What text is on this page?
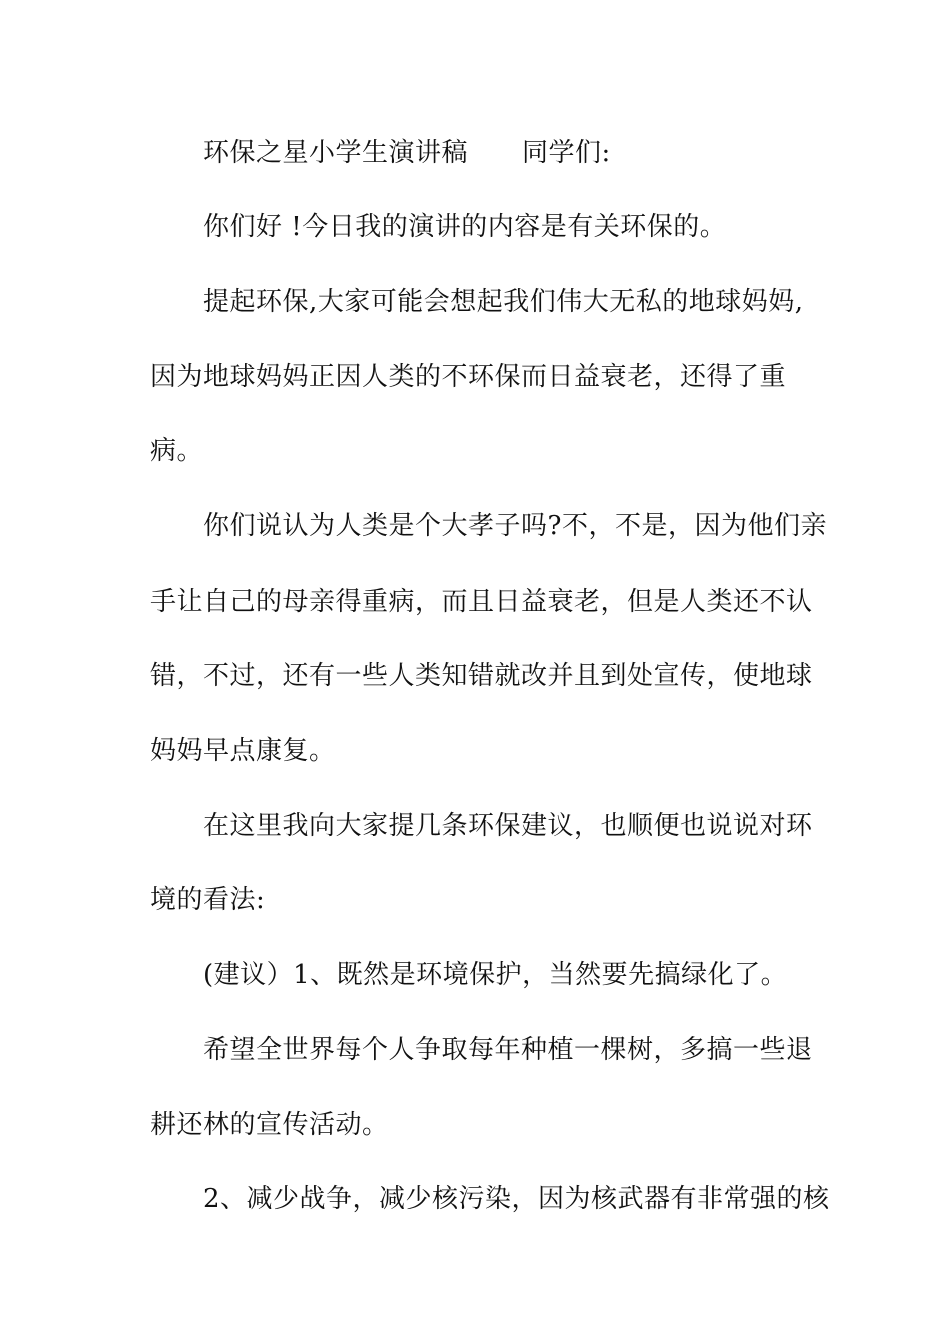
环保之星小学生演讲稿 同学们:
你们好 !今日我的演讲的内容是有关环保的。
提起环保,大家可能会想起我们伟大无私的地球妈妈,
因为地球妈妈正因人类的不环保而日益衰老，还得了重
病。
你们说认为人类是个大孝子吗?不，不是，因为他们亲
手让自己的母亲得重病，而且日益衰老，但是人类还不认
错，不过，还有一些人类知错就改并且到处宣传，使地球
妈妈早点康复。
在这里我向大家提几条环保建议，也顺便也说说对环
境的看法:
(建议）1、既然是环境保护，当然要先搞绿化了。
希望全世界每个人争取每年种植一棵树，多搞一些退
耕还林的宣传活动。
2、减少战争，减少核污染，因为核武器有非常强的核
